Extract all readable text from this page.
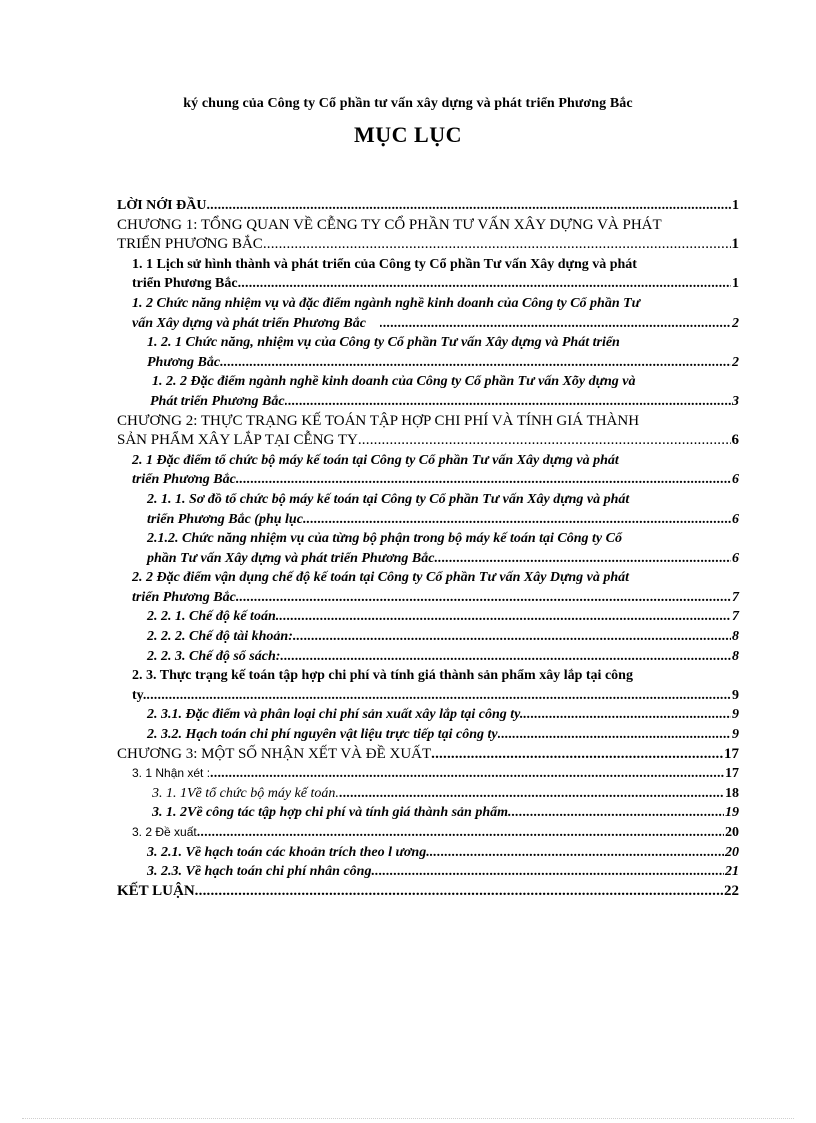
ký chung của Công ty Cổ phần tư vấn xây dựng và phát triển Phương Bắc
MỤC LỤC
LỜI NỚI ĐẦU .....	1
CHƯƠNG 1: TỔNG QUAN VỀ CỄNG TY CỔ PHẦN TƯ VẤN XÂY DỰNG VÀ PHÁT
TRIỂN PHƯƠNG BẮC .....	1
1. 1 Lịch sử hình thành và phát triển của Công ty Cổ phần Tư vấn Xây dựng và phát
triển Phương Bắc .....	1
1. 2 Chức năng nhiệm vụ và đặc điểm ngành nghề kinh doanh của Công ty Cổ phần Tư
vấn Xây dựng và phát triển Phương Bắc .....	2
1. 2. 1 Chức năng, nhiệm vụ của Công ty Cổ phần Tư vấn Xây dựng và Phát triển
Phương Bắc .....	2
1. 2. 2 Đặc điểm ngành nghề kinh doanh của Công ty Cổ phần Tư vấn Xõy dựng và
Phát triển Phương Bắc .....	3
CHƯƠNG 2: THỰC TRẠNG KẾ TOÁN TẬP HỢP CHI PHÍ VÀ TÍNH GIÁ THÀNH
SẢN PHẨM XÂY LẮP TẠI CỄNG TY .....	6
2. 1 Đặc điểm tổ chức bộ máy kế toán tại Công ty Cổ phần Tư vấn Xây dựng và phát
triển Phương Bắc .....	6
2. 1. 1. Sơ đồ tổ chức bộ máy kế toán tại Công ty Cổ phần Tư vấn Xây dựng và phát
triển Phương Bắc (phụ lục .....	6
2.1.2. Chức năng nhiệm vụ của từng bộ phận trong bộ máy kế toán tại Công ty Cổ
phần Tư vấn Xây dựng và phát triển Phương Bắc .....	6
2. 2 Đặc điểm vận dụng chế độ kế toán tại Công ty Cổ phần Tư vấn Xây Dựng và phát
triển Phương Bắc .....	7
2. 2. 1. Chế độ kế toán .....	7
2. 2. 2. Chế độ tài khoản: .....	8
2. 2. 3. Chế độ sổ sách: .....	8
2. 3. Thực trạng kế toán tập hợp chi phí và tính giá thành sản phẩm xây lắp tại công
ty. .....	9
2. 3.1. Đặc điểm và phân loại chi phí sản xuất xây lắp tại công ty. .....	9
2. 3.2. Hạch toán chi phí nguyên vật liệu trực tiếp tại công ty .....	9
CHƯƠNG 3: MỘT SỐ NHẬN XẾT VÀ ĐỀ XUẤT .....	17
3. 1 Nhận xét : .....	17
3. 1. 1Về tổ chức bộ máy kế toán. .....	18
3. 1. 2Về công tác tập hợp chi phí và tính giá thành sản phẩm .....	19
3. 2 Đề xuất .....	20
3. 2.1. Về hạch toán các khoản trích theo l ương. .....	20
3. 2.3. Về hạch toán chi phí nhân công .....	21
KẾT LUẬN .....	22
